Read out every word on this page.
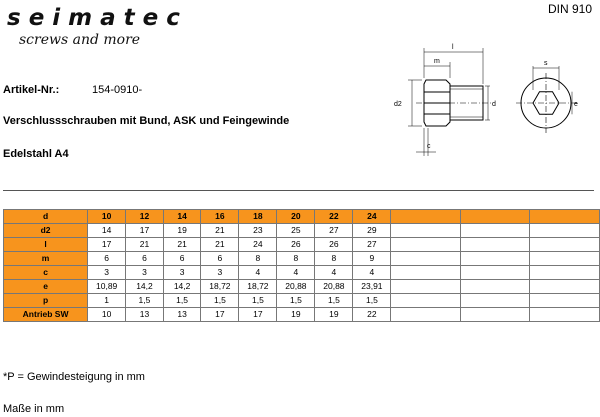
seimatec
screws and more
DIN 910
Artikel-Nr.:	154-0910-
Verschlussschrauben mit Bund, ASK und Feingewinde
Edelstahl A4
l
m
d2	d
c
s
e
d	10	12	14	16	18	20	22	24			
d2	14	17	19	21	23	25	27	29			
l	17	21	21	21	24	26	26	27			
m	6	6	6	6	8	8	8	9			
c	3	3	3	3	4	4	4	4			
e	10,89	14,2	14,2	18,72	18,72	20,88	20,88	23,91			
p	1	1,5	1,5	1,5	1,5	1,5	1,5	1,5			
Antrieb SW	10	13	13	17	17	19	19	22			
*P = Gewindesteigung in mm
Maße in mm
